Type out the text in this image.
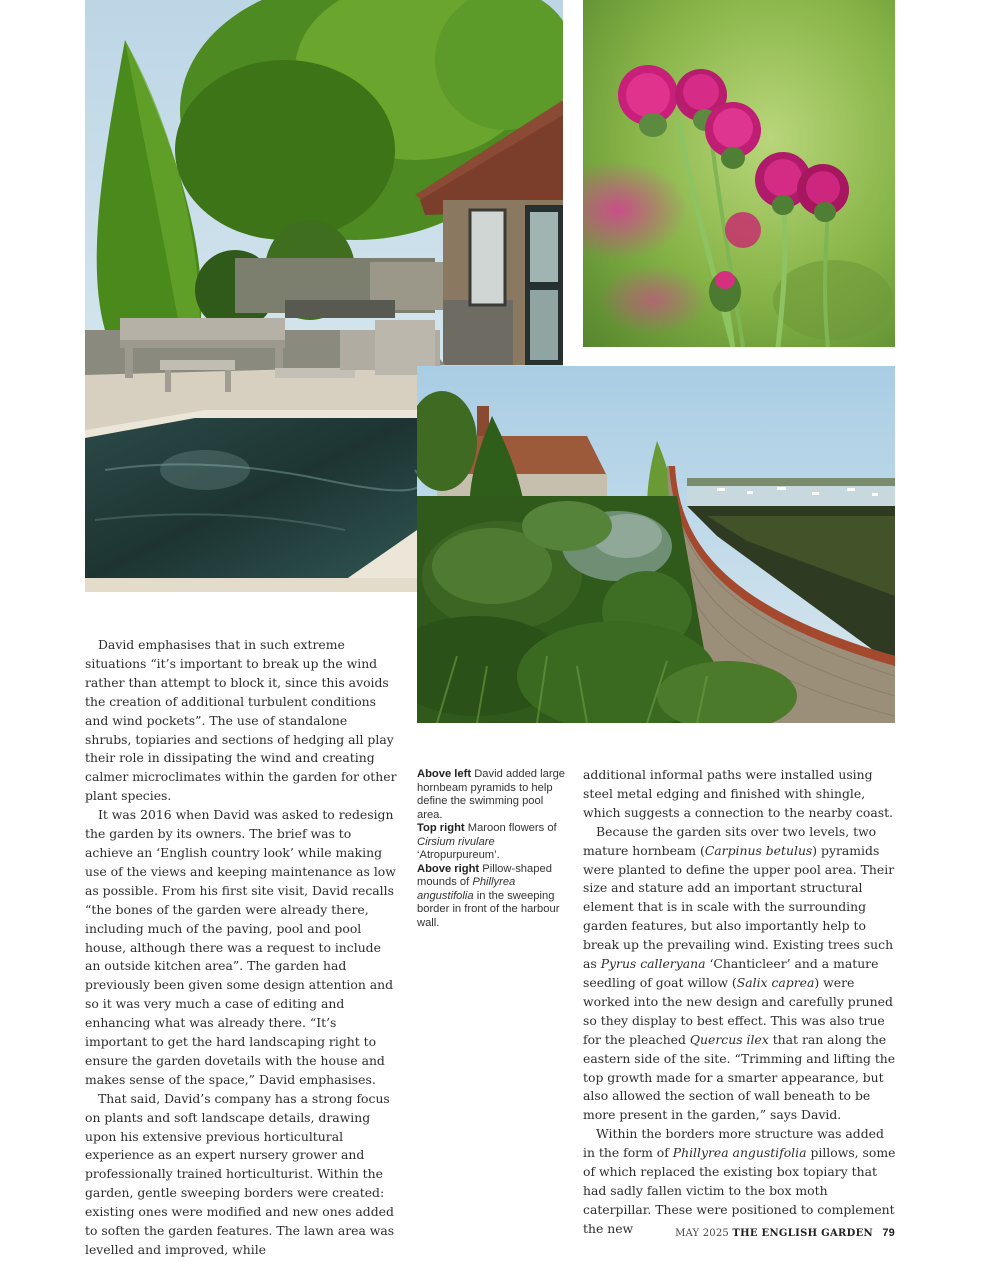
David emphasises that in such extreme situations “it’s important to break up the wind rather than attempt to block it, since this avoids the creation of additional turbulent conditions and wind pockets”. The use of standalone shrubs, topiaries and sections of hedging all play their role in dissipating the wind and creating calmer microclimates within the garden for other plant species.

It was 2016 when David was asked to redesign the garden by its owners. The brief was to achieve an ‘English country look’ while making use of the views and keeping maintenance as low as possible. From his first site visit, David recalls “the bones of the garden were already there, including much of the paving, pool and pool house, although there was a request to include an outside kitchen area”. The garden had previously been given some design attention and so it was very much a case of editing and enhancing what was already there. “It’s important to get the hard landscaping right to ensure the garden dovetails with the house and makes sense of the space,” David emphasises.

That said, David’s company has a strong focus on plants and soft landscape details, drawing upon his extensive previous horticultural experience as an expert nursery grower and professionally trained horticulturist. Within the garden, gentle sweeping borders were created: existing ones were modified and new ones added to soften the garden features. The lawn area was levelled and improved, while

Above left David added large hornbeam pyramids to help define the swimming pool area.

Top right Maroon flowers of Cirsium rivulare ‘Atropurpureum’.

Above right Pillow-shaped mounds of Phillyrea angustifolia in the sweeping border in front of the harbour wall.

additional informal paths were installed using steel metal edging and finished with shingle, which suggests a connection to the nearby coast.

Because the garden sits over two levels, two mature hornbeam (Carpinus betulus) pyramids were planted to define the upper pool area. Their size and stature add an important structural element that is in scale with the surrounding garden features, but also importantly help to break up the prevailing wind. Existing trees such as Pyrus calleryana ‘Chanticleer’ and a mature seedling of goat willow (Salix caprea) were worked into the new design and carefully pruned so they display to best effect. This was also true for the pleached Quercus ilex that ran along the eastern side of the site. “Trimming and lifting the top growth made for a smarter appearance, but also allowed the section of wall beneath to be more present in the garden,” says David.

Within the borders more structure was added in the form of Phillyrea angustifolia pillows, some of which replaced the existing box topiary that had sadly fallen victim to the box moth caterpillar. These were positioned to complement the new	MAY 2025 THE ENGLISH GARDEN 79
